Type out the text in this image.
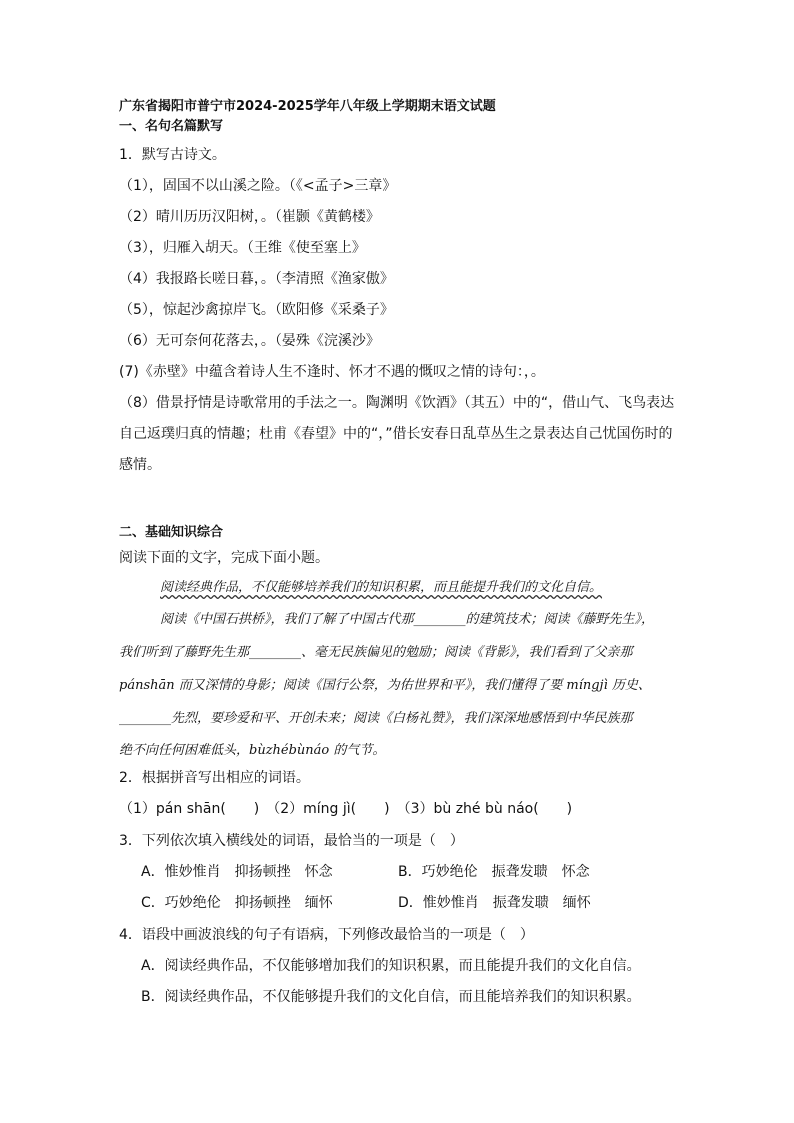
广东省揭阳市普宁市2024-2025学年八年级上学期期末语文试题
一、名句名篇默写
1．默写古诗文。
（1），固国不以山溪之险。（《<孟子>三章》
（2）晴川历历汉阳树，。（崔颢《黄鹤楼》
（3），归雁入胡天。（王维《使至塞上》
（4）我报路长嗟日暮，。（李清照《渔家傲》
（5），惊起沙禽掠岸飞。（欧阳修《采桑子》
（6）无可奈何花落去，。（晏殊《浣溪沙》
(7)《赤壁》中蕴含着诗人生不逢时、怀才不遇的慨叹之情的诗句：，。
（8）借景抒情是诗歌常用的手法之一。陶渊明《饮酒》（其五）中的“，借山气、飞鸟表达
自己返璞归真的情趣；杜甫《春望》中的“，”借长安春日乱草丛生之景表达自己忧国伤时的
感情。
二、基础知识综合
阅读下面的文字，完成下面小题。
阅读经典作品，不仅能够培养我们的知识积累，而且能提升我们的文化自信。
阅读《中国石拱桥》，我们了解了中国古代那________的建筑技术；阅读《藤野先生》，
我们听到了藤野先生那________、毫无民族偏见的勉励；阅读《背影》，我们看到了父亲那
pánshān 而又深情的身影；阅读《国行公祭，为佑世界和平》，我们懂得了要 míngjì 历史、
________先烈，要珍爱和平、开创未来；阅读《白杨礼赞》，我们深深地感悟到中华民族那
绝不向任何困难低头，bùzhébùnáo 的气节。
2．根据拼音写出相应的词语。
（1）pán shān(　　)　（2）míng jì(　　)　（3）bù zhé bù náo(　　)
3．下列依次填入横线处的词语，最恰当的一项是（　）
A．惟妙惟肖　抑扬顿挫　怀念	B．巧妙绝伦　振聋发聩　怀念
C．巧妙绝伦　抑扬顿挫　缅怀	D．惟妙惟肖　振聋发聩　缅怀
4．语段中画波浪线的句子有语病，下列修改最恰当的一项是（　）
A．阅读经典作品，不仅能够增加我们的知识积累，而且能提升我们的文化自信。
B．阅读经典作品，不仅能够提升我们的文化自信，而且能培养我们的知识积累。
